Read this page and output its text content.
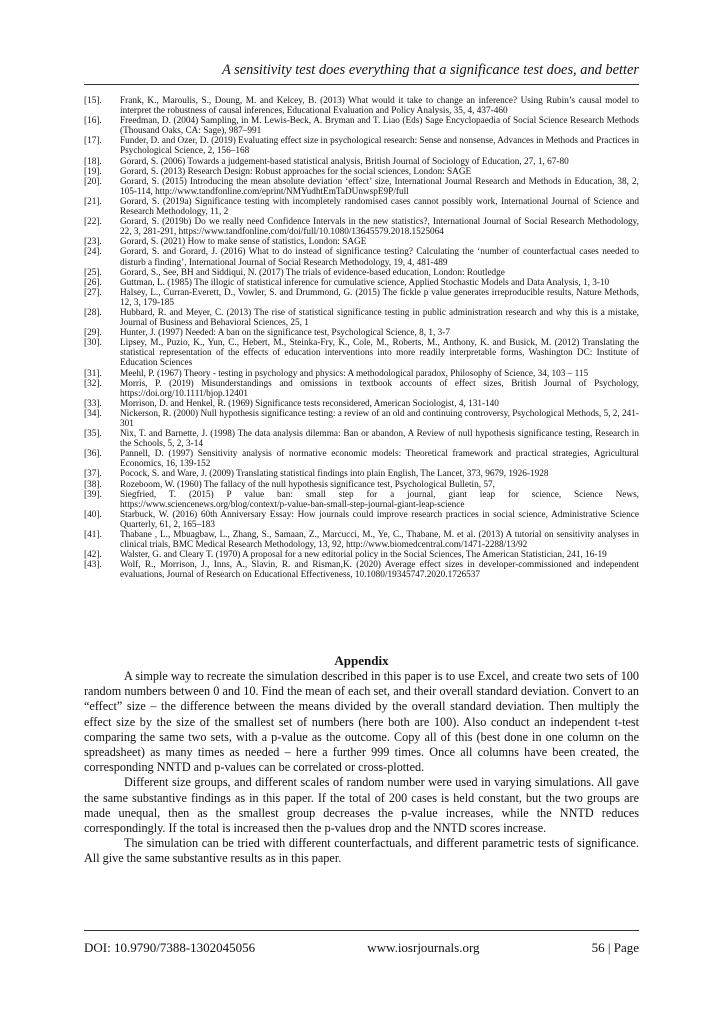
A sensitivity test does everything that a significance test does, and better
[15].	Frank, K., Maroulis, S., Doung, M. and Kelcey, B. (2013) What would it take to change an inference? Using Rubin’s causal model to interpret the robustness of causal inferences, Educational Evaluation and Policy Analysis, 35, 4, 437-460
[16].	Freedman, D. (2004) Sampling, in M. Lewis-Beck, A. Bryman and T. Liao (Eds) Sage Encyclopaedia of Social Science Research Methods (Thousand Oaks, CA: Sage), 987–991
[17].	Funder, D. and Ozer, D. (2019) Evaluating effect size in psychological research: Sense and nonsense, Advances in Methods and Practices in Psychological Science, 2, 156–168
[18].	Gorard, S. (2006) Towards a judgement-based statistical analysis, British Journal of Sociology of Education, 27, 1, 67-80
[19].	Gorard, S. (2013) Research Design: Robust approaches for the social sciences, London: SAGE
[20].	Gorard, S. (2015) Introducing the mean absolute deviation ‘effect’ size, International Journal Research and Methods in Education, 38, 2, 105-114, http://www.tandfonline.com/eprint/NMYudhtEmTaDUnwspE9P/full
[21].	Gorard, S. (2019a) Significance testing with incompletely randomised cases cannot possibly work, International Journal of Science and Research Methodology, 11, 2
[22].	Gorard, S. (2019b) Do we really need Confidence Intervals in the new statistics?, International Journal of Social Research Methodology, 22, 3, 281-291, https://www.tandfonline.com/doi/full/10.1080/13645579.2018.1525064
[23].	Gorard, S. (2021) How to make sense of statistics, London: SAGE
[24].	Gorard, S. and Gorard, J. (2016) What to do instead of significance testing? Calculating the ‘number of counterfactual cases needed to disturb a finding’, International Journal of Social Research Methodology, 19, 4, 481-489
[25].	Gorard, S., See, BH and Siddiqui, N. (2017) The trials of evidence-based education, London: Routledge
[26].	Guttman, L. (1985) The illogic of statistical inference for cumulative science, Applied Stochastic Models and Data Analysis, 1, 3-10
[27].	Halsey, L., Curran-Everett, D., Vowler, S. and Drummond, G. (2015) The fickle p value generates irreproducible results, Nature Methods, 12, 3, 179-185
[28].	Hubbard, R. and Meyer, C. (2013) The rise of statistical significance testing in public administration research and why this is a mistake, Journal of Business and Behavioral Sciences, 25, 1
[29].	Hunter, J. (1997) Needed: A ban on the significance test, Psychological Science, 8, 1, 3-7
[30].	Lipsey, M., Puzio, K., Yun, C., Hebert, M., Steinka-Fry, K., Cole, M., Roberts, M., Anthony, K. and Busick, M. (2012) Translating the statistical representation of the effects of education interventions into more readily interpretable forms, Washington DC: Institute of Education Sciences
[31].	Meehl, P. (1967) Theory - testing in psychology and physics: A methodological paradox, Philosophy of Science, 34, 103 – 115
[32].	Morris, P. (2019) Misunderstandings and omissions in textbook accounts of effect sizes, British Journal of Psychology, https://doi.org/10.1111/bjop.12401
[33].	Morrison, D. and Henkel, R. (1969) Significance tests reconsidered, American Sociologist, 4, 131-140
[34].	Nickerson, R. (2000) Null hypothesis significance testing: a review of an old and continuing controversy, Psychological Methods, 5, 2, 241-301
[35].	Nix, T. and Barnette, J. (1998) The data analysis dilemma: Ban or abandon, A Review of null hypothesis significance testing, Research in the Schools, 5, 2, 3-14
[36].	Pannell, D. (1997) Sensitivity analysis of normative economic models: Theoretical framework and practical strategies, Agricultural Economics, 16, 139-152
[37].	Pocock, S. and Ware, J. (2009) Translating statistical findings into plain English, The Lancet, 373, 9679, 1926-1928
[38].	Rozeboom, W. (1960) The fallacy of the null hypothesis significance test, Psychological Bulletin, 57,
[39].	Siegfried, T. (2015) P value ban: small step for a journal, giant leap for science, Science News, https://www.sciencenews.org/blog/context/p-value-ban-small-step-journal-giant-leap-science
[40].	Starbuck, W. (2016) 60th Anniversary Essay: How journals could improve research practices in social science, Administrative Science Quarterly, 61, 2, 165–183
[41].	Thabane , L., Mbuagbaw, L., Zhang, S., Samaan, Z., Marcucci, M., Ye, C., Thabane, M. et al. (2013) A tutorial on sensitivity analyses in clinical trials, BMC Medical Research Methodology, 13, 92, http://www.biomedcentral.com/1471-2288/13/92
[42].	Walster, G. and Cleary T. (1970) A proposal for a new editorial policy in the Social Sciences, The American Statistician, 241, 16-19
[43].	Wolf, R., Morrison, J., Inns, A., Slavin, R. and Risman,K. (2020) Average effect sizes in developer-commissioned and independent evaluations, Journal of Research on Educational Effectiveness, 10.1080/19345747.2020.1726537
Appendix

A simple way to recreate the simulation described in this paper is to use Excel, and create two sets of 100 random numbers between 0 and 10. Find the mean of each set, and their overall standard deviation. Convert to an “effect” size – the difference between the means divided by the overall standard deviation. Then multiply the effect size by the size of the smallest set of numbers (here both are 100). Also conduct an independent t-test comparing the same two sets, with a p-value as the outcome. Copy all of this (best done in one column on the spreadsheet) as many times as needed – here a further 999 times. Once all columns have been created, the corresponding NNTD and p-values can be correlated or cross-plotted.

Different size groups, and different scales of random number were used in varying simulations. All gave the same substantive findings as in this paper. If the total of 200 cases is held constant, but the two groups are made unequal, then as the smallest group decreases the p-value increases, while the NNTD reduces correspondingly. If the total is increased then the p-values drop and the NNTD scores increase.

The simulation can be tried with different counterfactuals, and different parametric tests of significance. All give the same substantive results as in this paper.

DOI: 10.9790/7388-1302045056	www.iosrjournals.org	56 | Page
